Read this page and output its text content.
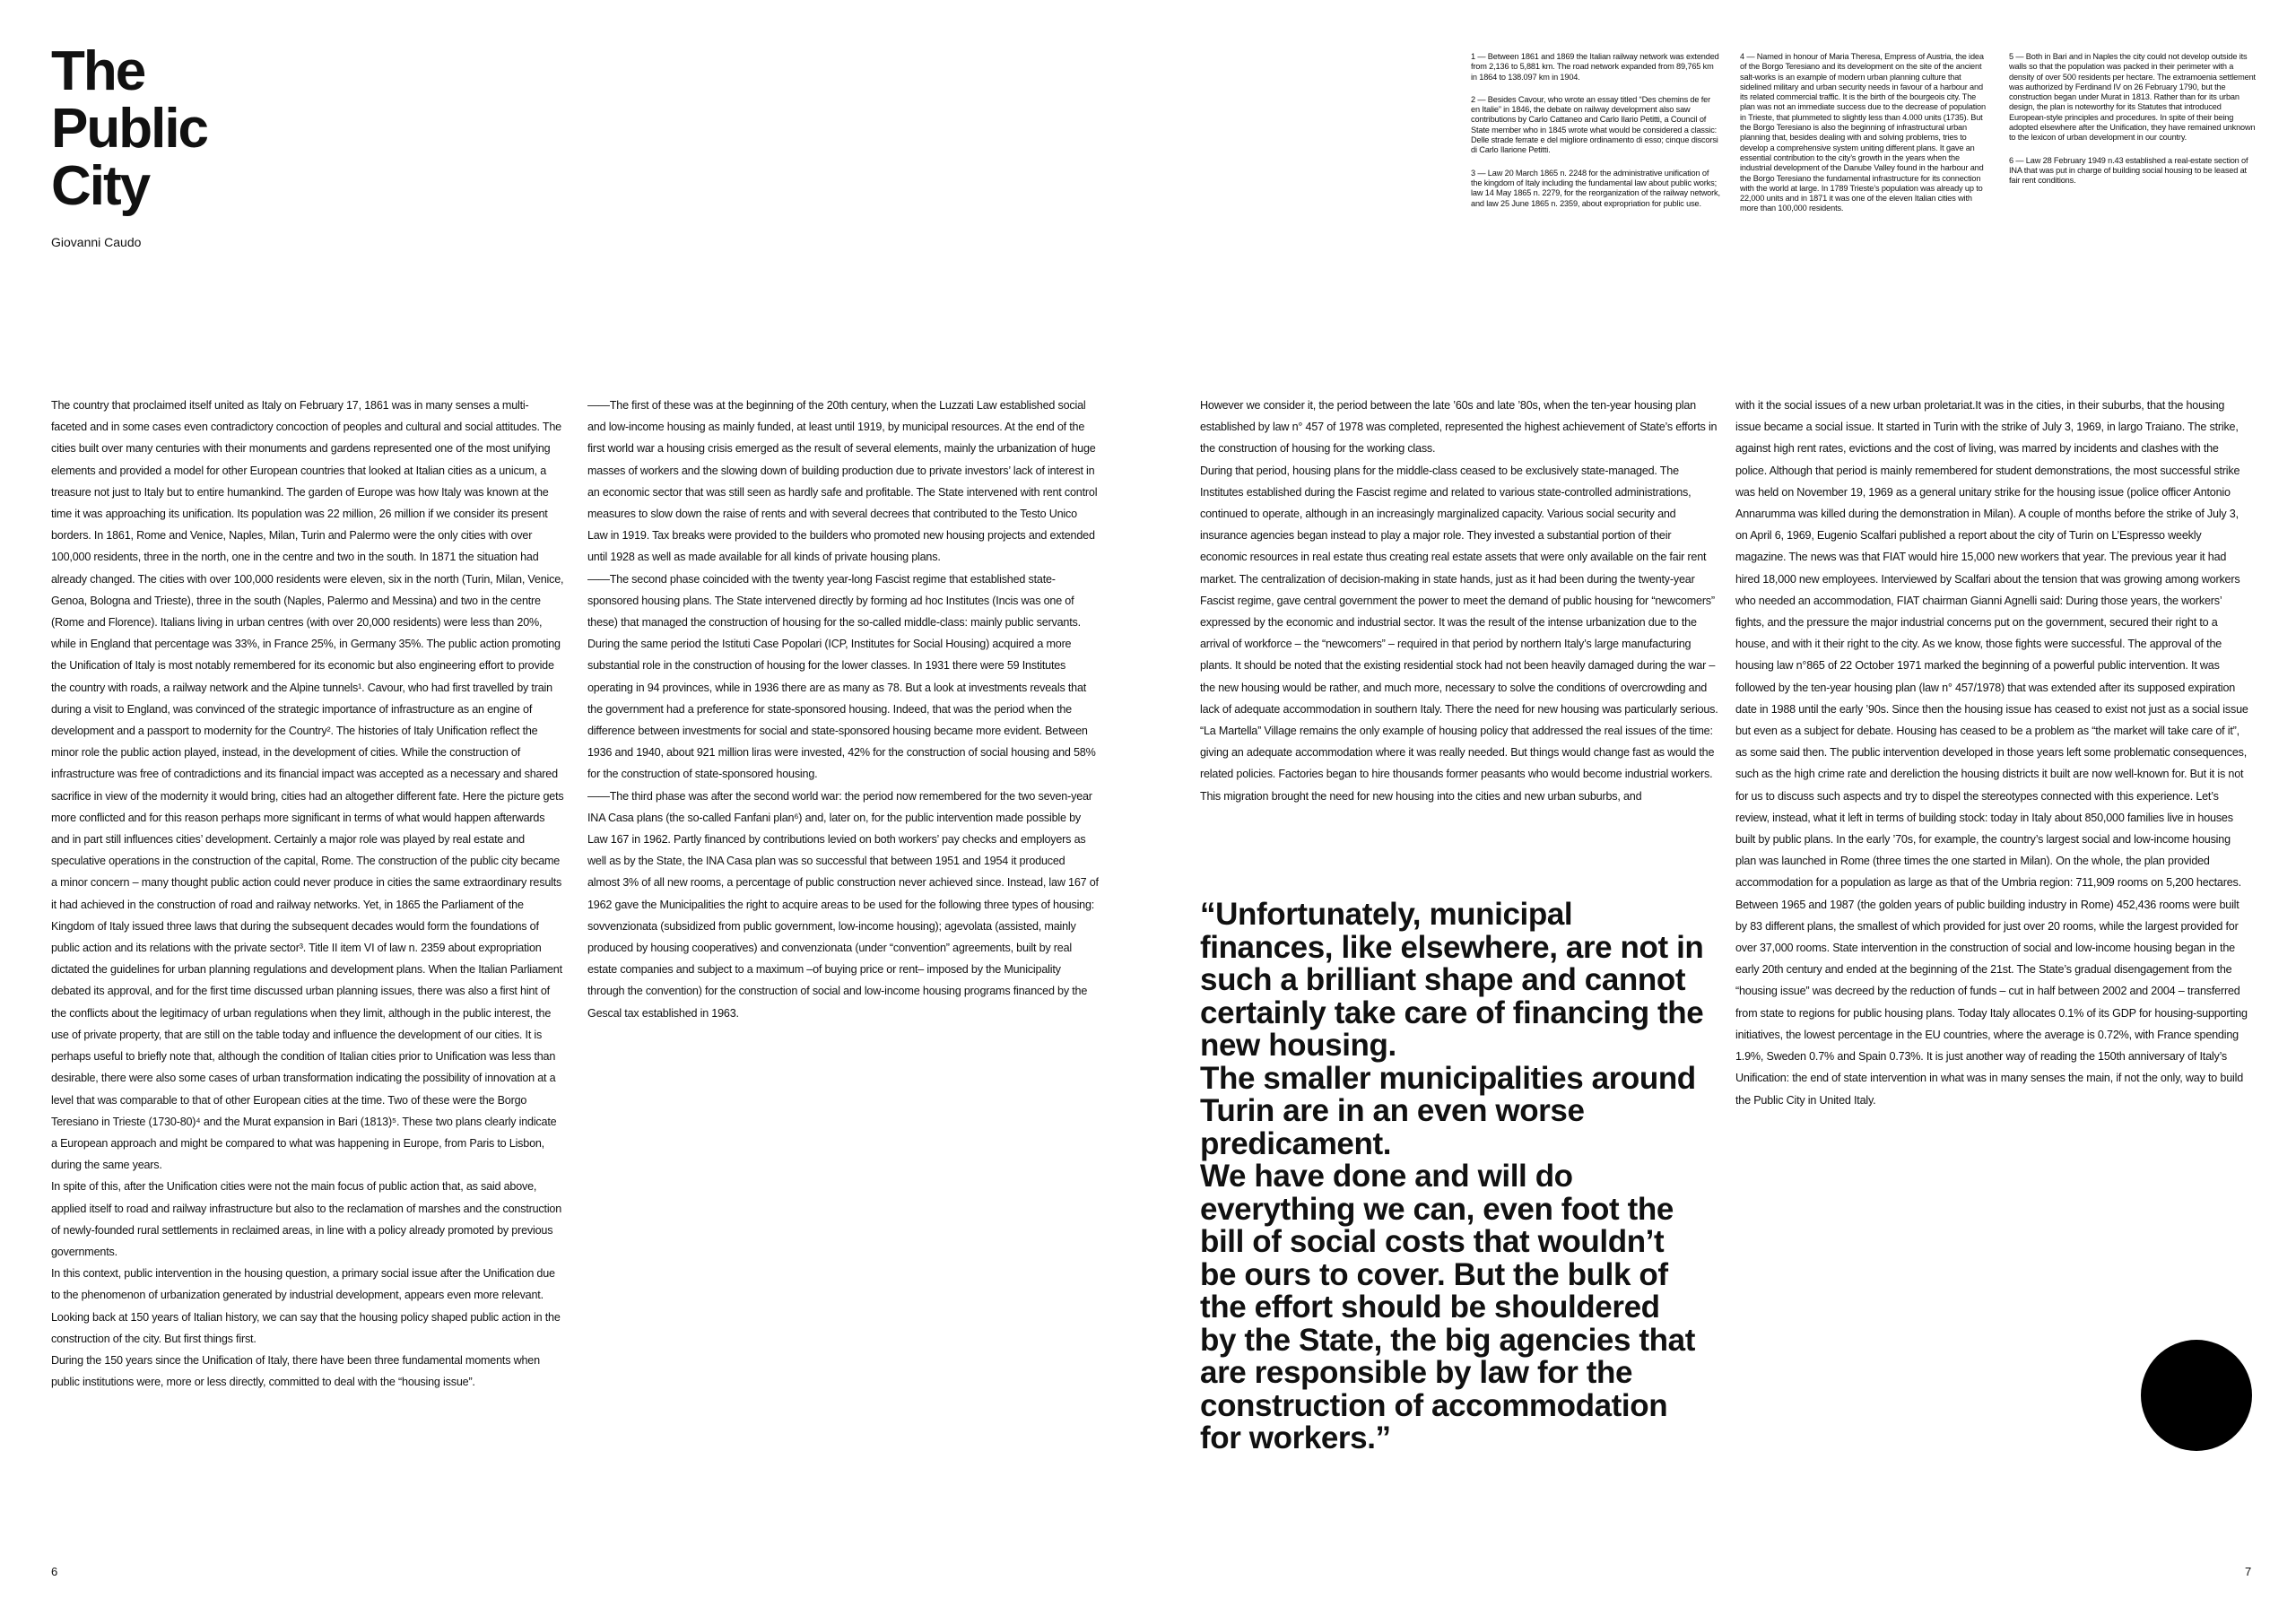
The
Public
City
Giovanni Caudo

The country that proclaimed itself united as Italy on February 17, 1861 was in many senses a multi-faceted and in some cases even contradictory concoction of peoples and cultural and social attitudes. The cities built over many centuries with their monuments and gardens represented one of the most unifying elements and provided a model for other European countries that looked at Italian cities as a unicum, a treasure not just to Italy but to entire humankind. The garden of Europe was how Italy was known at the time it was approaching its unification. Its population was 22 million, 26 million if we consider its present borders. In 1861, Rome and Venice, Naples, Milan, Turin and Palermo were the only cities with over 100,000 residents, three in the north, one in the centre and two in the south. In 1871 the situation had already changed. The cities with over 100,000 residents were eleven, six in the north (Turin, Milan, Venice, Genoa, Bologna and Trieste), three in the south (Naples, Palermo and Messina) and two in the centre (Rome and Florence). Italians living in urban centres (with over 20,000 residents) were less than 20%, while in England that percentage was 33%, in France 25%, in Germany 35%. The public action promoting the Unification of Italy is most notably remembered for its economic but also engineering effort to provide the country with roads, a railway network and the Alpine tunnels¹. Cavour, who had first travelled by train during a visit to England, was convinced of the strategic importance of infrastructure as an engine of development and a passport to modernity for the Country². The histories of Italy Unification reflect the minor role the public action played, instead, in the development of cities. While the construction of infrastructure was free of contradictions and its financial impact was accepted as a necessary and shared sacrifice in view of the modernity it would bring, cities had an altogether different fate. Here the picture gets more conflicted and for this reason perhaps more significant in terms of what would happen afterwards and in part still influences cities’ development. Certainly a major role was played by real estate and speculative operations in the construction of the capital, Rome. The construction of the public city became a minor concern – many thought public action could never produce in cities the same extraordinary results it had achieved in the construction of road and railway networks. Yet, in 1865 the Parliament of the Kingdom of Italy issued three laws that during the subsequent decades would form the foundations of public action and its relations with the private sector³. Title II item VI of law n. 2359 about expropriation dictated the guidelines for urban planning regulations and development plans. When the Italian Parliament debated its approval, and for the first time discussed urban planning issues, there was also a first hint of the conflicts about the legitimacy of urban regulations when they limit, although in the public interest, the use of private property, that are still on the table today and influence the development of our cities. It is perhaps useful to briefly note that, although the condition of Italian cities prior to Unification was less than desirable, there were also some cases of urban transformation indicating the possibility of innovation at a level that was comparable to that of other European cities at the time. Two of these were the Borgo Teresiano in Trieste (1730-80)⁴ and the Murat expansion in Bari (1813)⁵. These two plans clearly indicate a European approach and might be compared to what was happening in Europe, from Paris to Lisbon, during the same years.

In spite of this, after the Unification cities were not the main focus of public action that, as said above, applied itself to road and railway infrastructure but also to the reclamation of marshes and the construction of newly-founded rural settlements in reclaimed areas, in line with a policy already promoted by previous governments.

In this context, public intervention in the housing question, a primary social issue after the Unification due to the phenomenon of urbanization generated by industrial development, appears even more relevant. Looking back at 150 years of Italian history, we can say that the housing policy shaped public action in the construction of the city. But first things first.

During the 150 years since the Unification of Italy, there have been three fundamental moments when public institutions were, more or less directly, committed to deal with the “housing issue”.

——The first of these was at the beginning of the 20th century, when the Luzzati Law established social and low-income housing as mainly funded, at least until 1919, by municipal resources. At the end of the first world war a housing crisis emerged as the result of several elements, mainly the urbanization of huge masses of workers and the slowing down of building production due to private investors’ lack of interest in an economic sector that was still seen as hardly safe and profitable. The State intervened with rent control measures to slow down the raise of rents and with several decrees that contributed to the Testo Unico Law in 1919. Tax breaks were provided to the builders who promoted new housing projects and extended until 1928 as well as made available for all kinds of private housing plans.

——The second phase coincided with the twenty year-long Fascist regime that established state-sponsored housing plans. The State intervened directly by forming ad hoc Institutes (Incis was one of these) that managed the construction of housing for the so-called middle-class: mainly public servants. During the same period the Istituti Case Popolari (ICP, Institutes for Social Housing) acquired a more substantial role in the construction of housing for the lower classes. In 1931 there were 59 Institutes operating in 94 provinces, while in 1936 there are as many as 78. But a look at investments reveals that the government had a preference for state-sponsored housing. Indeed, that was the period when the difference between investments for social and state-sponsored housing became more evident. Between 1936 and 1940, about 921 million liras were invested, 42% for the construction of social housing and 58% for the construction of state-sponsored housing.

——The third phase was after the second world war: the period now remembered for the two seven-year INA Casa plans (the so-called Fanfani plan⁶) and, later on, for the public intervention made possible by Law 167 in 1962. Partly financed by contributions levied on both workers’ pay checks and employers as well as by the State, the INA Casa plan was so successful that between 1951 and 1954 it produced almost 3% of all new rooms, a percentage of public construction never achieved since. Instead, law 167 of 1962 gave the Municipalities the right to acquire areas to be used for the following three types of housing: sovvenzionata (subsidized from public government, low-income housing); agevolata (assisted, mainly produced by housing cooperatives) and convenzionata (under “convention” agreements, built by real estate companies and subject to a maximum –of buying price or rent– imposed by the Municipality through the convention) for the construction of social and low-income housing programs financed by the Gescal tax established in 1963.

6

1 — Between 1861 and 1869 the Italian railway network was extended from 2,136 to 5,881 km. The road network expanded from 89,765 km in 1864 to 138.097 km in 1904.

2 — Besides Cavour, who wrote an essay titled “Des chemins de fer en Italie” in 1846, the debate on railway development also saw contributions by Carlo Cattaneo and Carlo Ilario Petitti, a Council of State member who in 1845 wrote what would be considered a classic: Delle strade ferrate e del migliore ordinamento di esso; cinque discorsi di Carlo Ilarione Petitti.

3 — Law 20 March 1865 n. 2248 for the administrative unification of the kingdom of Italy including the fundamental law about public works; law 14 May 1865 n. 2279, for the reorganization of the railway network, and law 25 June 1865 n. 2359, about expropriation for public use.

4 — Named in honour of Maria Theresa, Empress of Austria, the idea of the Borgo Teresiano and its development on the site of the ancient salt-works is an example of modern urban planning culture that sidelined military and urban security needs in favour of a harbour and its related commercial traffic. It is the birth of the bourgeois city. The plan was not an immediate success due to the decrease of population in Trieste, that plummeted to slightly less than 4.000 units (1735). But the Borgo Teresiano is also the beginning of infrastructural urban planning that, besides dealing with and solving problems, tries to develop a comprehensive system uniting different plans. It gave an essential contribution to the city’s growth in the years when the industrial development of the Danube Valley found in the harbour and the Borgo Teresiano the fundamental infrastructure for its connection with the world at large. In 1789 Trieste’s population was already up to 22,000 units and in 1871 it was one of the eleven Italian cities with more than 100,000 residents.

5 — Both in Bari and in Naples the city could not develop outside its walls so that the population was packed in their perimeter with a density of over 500 residents per hectare. The extramoenia settlement was authorized by Ferdinand IV on 26 February 1790, but the construction began under Murat in 1813. Rather than for its urban design, the plan is noteworthy for its Statutes that introduced European-style principles and procedures. In spite of their being adopted elsewhere after the Unification, they have remained unknown to the lexicon of urban development in our country.

6 — Law 28 February 1949 n.43 established a real-estate section of INA that was put in charge of building social housing to be leased at fair rent conditions.

However we consider it, the period between the late ’60s and late ’80s, when the ten-year housing plan established by law n° 457 of 1978 was completed, represented the highest achievement of State’s efforts in the construction of housing for the working class.

During that period, housing plans for the middle-class ceased to be exclusively state-managed. The Institutes established during the Fascist regime and related to various state-controlled administrations, continued to operate, although in an increasingly marginalized capacity. Various social security and insurance agencies began instead to play a major role. They invested a substantial portion of their economic resources in real estate thus creating real estate assets that were only available on the fair rent market. The centralization of decision-making in state hands, just as it had been during the twenty-year Fascist regime, gave central government the power to meet the demand of public housing for “newcomers” expressed by the economic and industrial sector. It was the result of the intense urbanization due to the arrival of workforce – the “newcomers” – required in that period by northern Italy’s large manufacturing plants. It should be noted that the existing residential stock had not been heavily damaged during the war – the new housing would be rather, and much more, necessary to solve the conditions of overcrowding and lack of adequate accommodation in southern Italy. There the need for new housing was particularly serious.

“La Martella” Village remains the only example of housing policy that addressed the real issues of the time: giving an adequate accommodation where it was really needed. But things would change fast as would the related policies. Factories began to hire thousands former peasants who would become industrial workers.

This migration brought the need for new housing into the cities and new urban suburbs, and

“Unfortunately, municipal
finances, like elsewhere, are not in
such a brilliant shape and cannot
certainly take care of financing the
new housing.
The smaller municipalities around
Turin are in an even worse
predicament.
We have done and will do
everything we can, even foot the
bill of social costs that wouldn’t
be ours to cover. But the bulk of
the effort should be shouldered
by the State, the big agencies that
are responsible by law for the
construction of accommodation
for workers.”

with it the social issues of a new urban proletariat.It was in the cities, in their suburbs, that the housing issue became a social issue. It started in Turin with the strike of July 3, 1969, in largo Traiano. The strike, against high rent rates, evictions and the cost of living, was marred by incidents and clashes with the police. Although that period is mainly remembered for student demonstrations, the most successful strike was held on November 19, 1969 as a general unitary strike for the housing issue (police officer Antonio Annarumma was killed during the demonstration in Milan). A couple of months before the strike of July 3, on April 6, 1969, Eugenio Scalfari published a report about the city of Turin on L’Espresso weekly magazine. The news was that FIAT would hire 15,000 new workers that year. The previous year it had hired 18,000 new employees. Interviewed by Scalfari about the tension that was growing among workers who needed an accommodation, FIAT chairman Gianni Agnelli said: During those years, the workers’ fights, and the pressure the major industrial concerns put on the government, secured their right to a house, and with it their right to the city. As we know, those fights were successful. The approval of the housing law n°865 of 22 October 1971 marked the beginning of a powerful public intervention. It was followed by the ten-year housing plan (law n° 457/1978) that was extended after its supposed expiration date in 1988 until the early ’90s. Since then the housing issue has ceased to exist not just as a social issue but even as a subject for debate. Housing has ceased to be a problem as “the market will take care of it”, as some said then. The public intervention developed in those years left some problematic consequences, such as the high crime rate and dereliction the housing districts it built are now well-known for. But it is not for us to discuss such aspects and try to dispel the stereotypes connected with this experience. Let’s review, instead, what it left in terms of building stock: today in Italy about 850,000 families live in houses built by public plans. In the early ’70s, for example, the country’s largest social and low-income housing plan was launched in Rome (three times the one started in Milan). On the whole, the plan provided accommodation for a population as large as that of the Umbria region: 711,909 rooms on 5,200 hectares. Between 1965 and 1987 (the golden years of public building industry in Rome) 452,436 rooms were built by 83 different plans, the smallest of which provided for just over 20 rooms, while the largest provided for over 37,000 rooms. State intervention in the construction of social and low-income housing began in the early 20th century and ended at the beginning of the 21st. The State’s gradual disengagement from the “housing issue” was decreed by the reduction of funds – cut in half between 2002 and 2004 – transferred from state to regions for public housing plans. Today Italy allocates 0.1% of its GDP for housing-supporting initiatives, the lowest percentage in the EU countries, where the average is 0.72%, with France spending 1.9%, Sweden 0.7% and Spain 0.73%. It is just another way of reading the 150th anniversary of Italy’s Unification: the end of state intervention in what was in many senses the main, if not the only, way to build the Public City in United Italy.

7
